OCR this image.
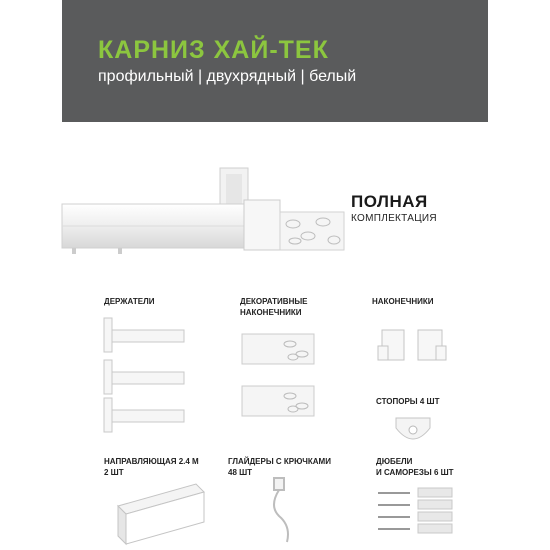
КАРНИЗ ХАЙ-ТЕК
профильный | двухрядный | белый
ПОЛНАЯ
КОМПЛЕКТАЦИЯ
ДЕРЖАТЕЛИ	ДЕКОРАТИВНЫЕ
НАКОНЕЧНИКИ
НАКОНЕЧНИКИ
СТОПОРЫ 4 ШТ
НАПРАВЛЯЮЩАЯ 2.4 М
2 ШТ
ГЛАЙДЕРЫ С КРЮЧКАМИ
48 ШТ
ДЮБЕЛИ
И САМОРЕЗЫ 6 ШТ
